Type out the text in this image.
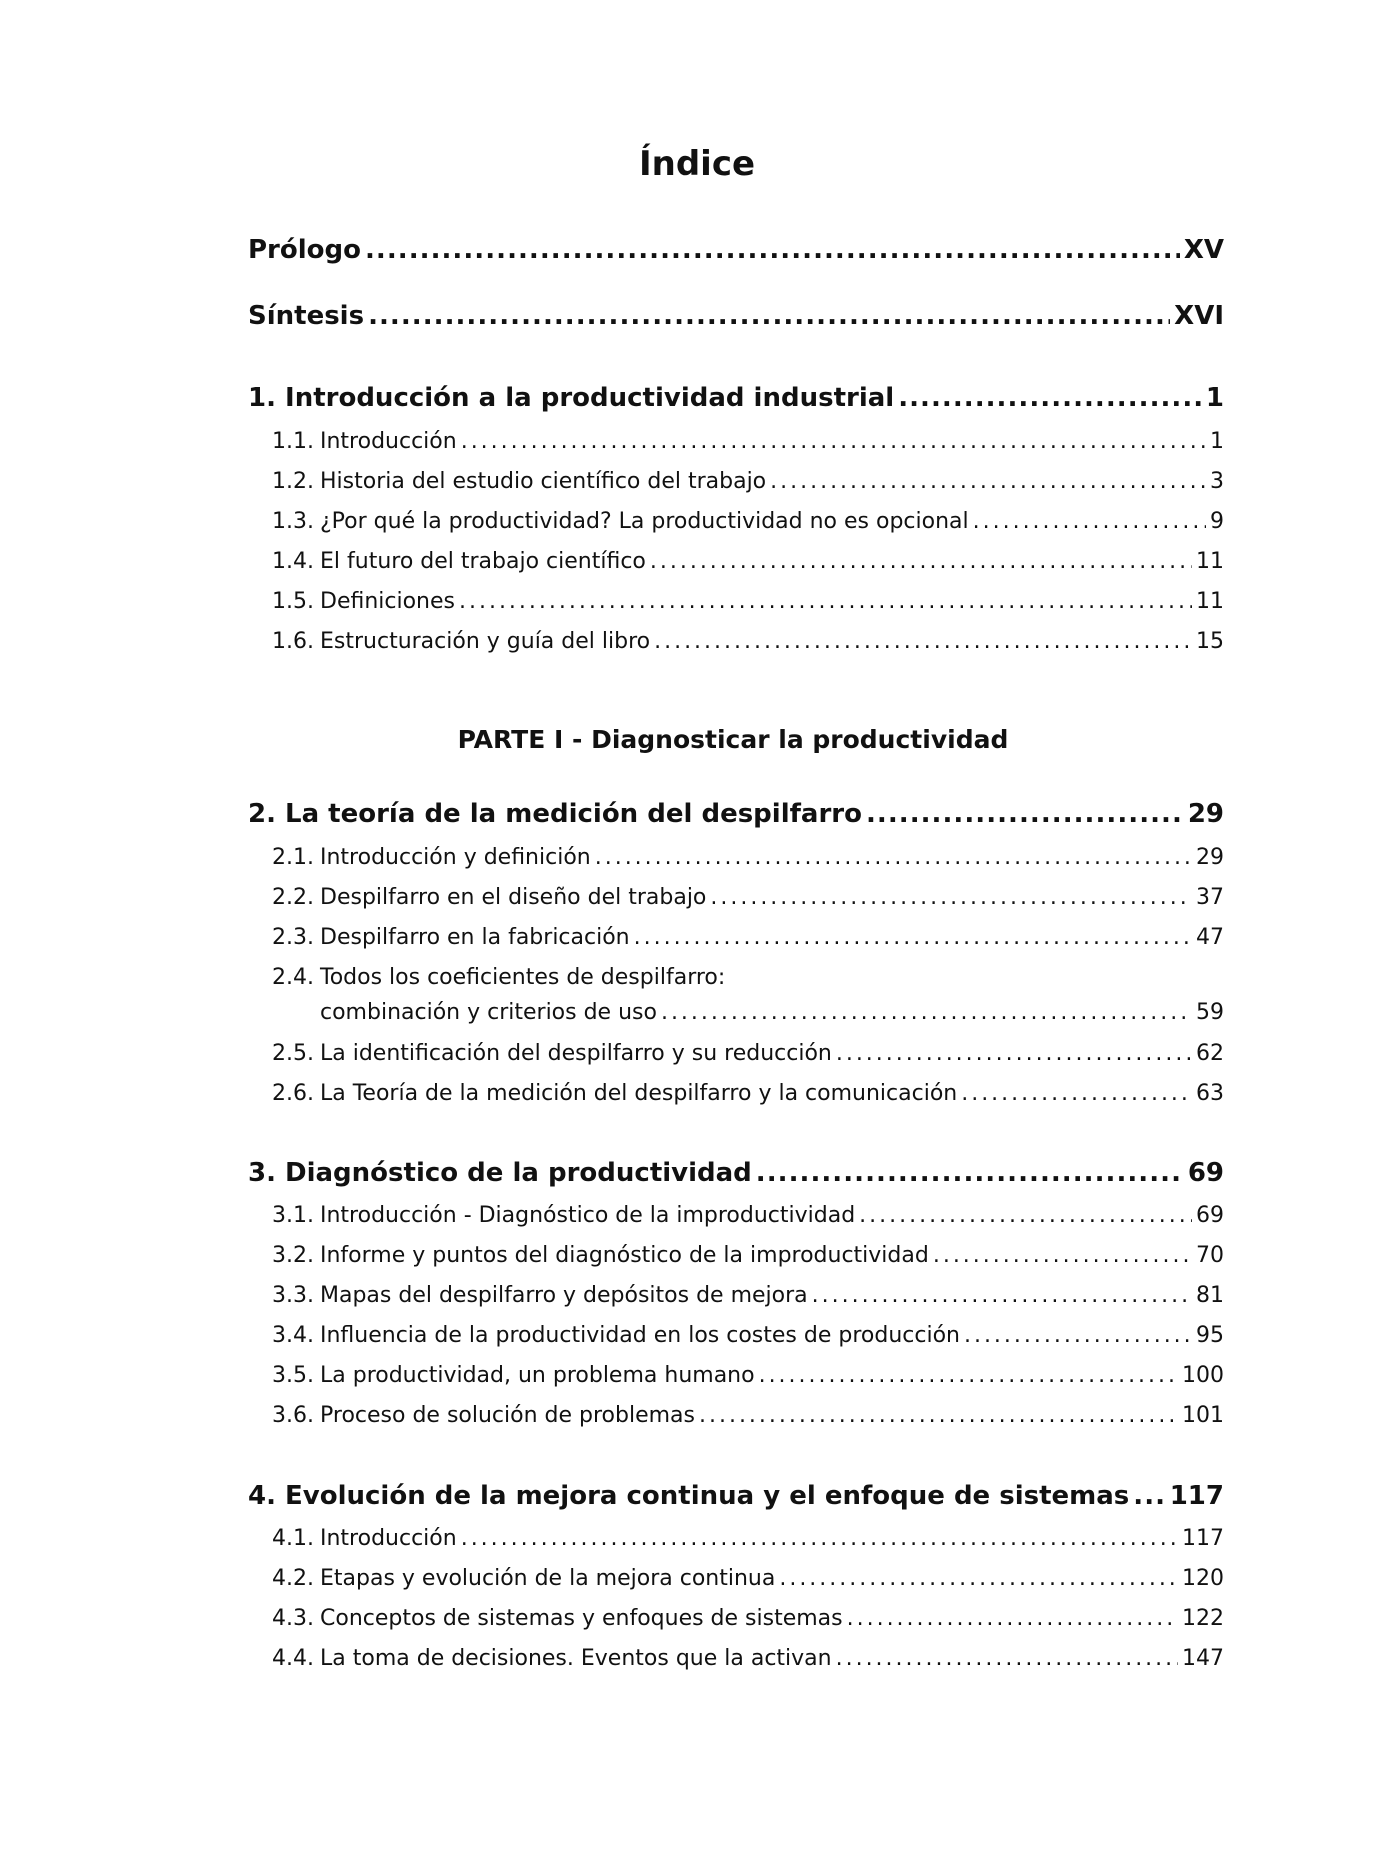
Índice
Prólogo . . .	XV
Síntesis . . .	XVI
1. Introducción a la productividad industrial . . .	1
1.1. Introducción . . .	1
1.2. Historia del estudio científico del trabajo . . .	3
1.3. ¿Por qué la productividad? La productividad no es opcional . . .	9
1.4. El futuro del trabajo científico . . .	11
1.5. Definiciones . . .	11
1.6. Estructuración y guía del libro . . .	15
PARTE I - Diagnosticar la productividad
2. La teoría de la medición del despilfarro . . .	29
2.1. Introducción y definición . . .	29
2.2. Despilfarro en el diseño del trabajo . . .	37
2.3. Despilfarro en la fabricación . . .	47
2.4. Todos los coeficientes de despilfarro:
combinación y criterios de uso . . .	59
2.5. La identificación del despilfarro y su reducción . . .	62
2.6. La Teoría de la medición del despilfarro y la comunicación . . .	63
3. Diagnóstico de la productividad . . .	69
3.1. Introducción - Diagnóstico de la improductividad . . .	69
3.2. Informe y puntos del diagnóstico de la improductividad . . .	70
3.3. Mapas del despilfarro y depósitos de mejora . . .	81
3.4. Influencia de la productividad en los costes de producción . . .	95
3.5. La productividad, un problema humano . . .	100
3.6. Proceso de solución de problemas . . .	101
4. Evolución de la mejora continua y el enfoque de sistemas . . . 117
4.1. Introducción . . .	117
4.2. Etapas y evolución de la mejora continua . . .	120
4.3. Conceptos de sistemas y enfoques de sistemas . . .	122
4.4. La toma de decisiones. Eventos que la activan . . .	147
